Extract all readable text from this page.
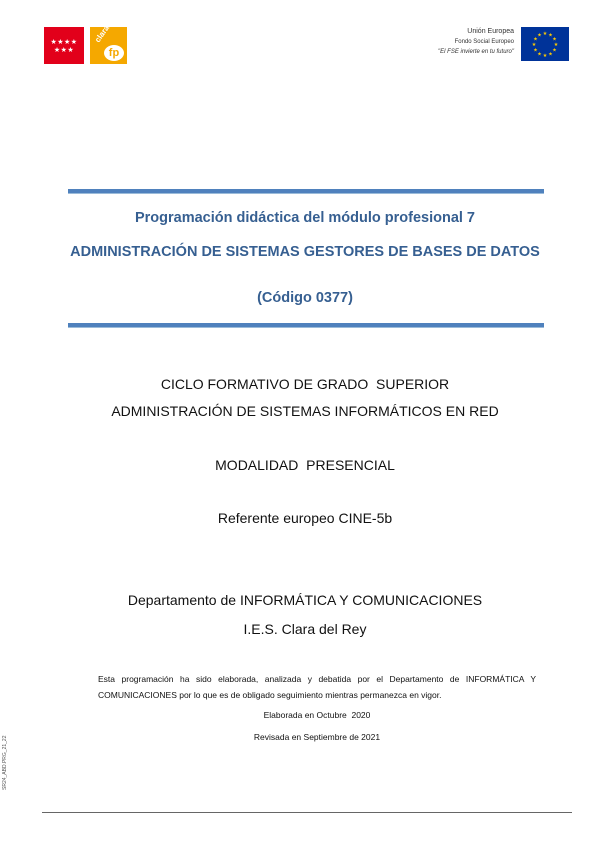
★★★★
★★★
claradelrey
fp
Unión Europea
Fondo Social Europeo
"El FSE invierte en tu futuro"
★ ★
★
★
★
★
★
★
★
★
★
★
Programación didáctica del módulo profesional 7
ADMINISTRACIÓN DE SISTEMAS GESTORES DE BASES DE DATOS
(Código 0377)
CICLO FORMATIVO DE GRADO  SUPERIOR
ADMINISTRACIÓN DE SISTEMAS INFORMÁTICOS EN RED
MODALIDAD  PRESENCIAL
Referente europeo CINE-5b
Departamento de INFORMÁTICA Y COMUNICACIONES
I.E.S. Clara del Rey
Esta programación ha sido elaborada, analizada y debatida por el Departamento de INFORMÁTICA Y COMUNICACIONES por lo que es de obligado seguimiento mientras permanezca en vigor.
Elaborada en Octubre  2020
Revisada en Septiembre de 2021
SR24_ABD.PRG_21_22
